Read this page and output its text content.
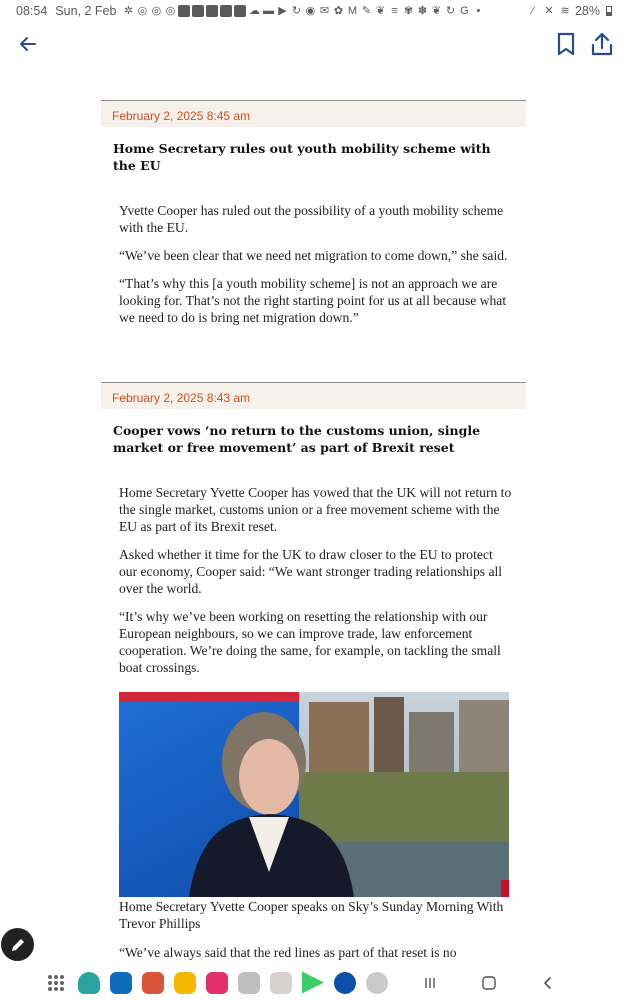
08:54 Sun, 2 Feb ✲ ◎ ◎ ◎	☁ ▬ ▶ ↻ ◉ ✉ ✿ M ✎ ❦ ≡ ✾ ✽ ❦ ↻ G •	⁄ ✕ ≋ 28%
February 2, 2025 8:45 am
Home Secretary rules out youth mobility scheme with the EU

Yvette Cooper has ruled out the possibility of a youth mobility scheme with the EU.

“We’ve been clear that we need net migration to come down,” she said.

“That’s why this [a youth mobility scheme] is not an approach we are looking for. That’s not the right starting point for us at all because what we need to do is bring net migration down.”

February 2, 2025 8:43 am
Cooper vows ‘no return to the customs union, single market or free movement’ as part of Brexit reset

Home Secretary Yvette Cooper has vowed that the UK will not return to the single market, customs union or a free movement scheme with the EU as part of its Brexit reset.

Asked whether it time for the UK to draw closer to the EU to protect our economy, Cooper said: “We want stronger trading relationships all over the world.

“It’s why we’ve been working on resetting the relationship with our European neighbours, so we can improve trade, law enforcement cooperation. We’re doing the same, for example, on tackling the small boat crossings.

Home Secretary Yvette Cooper speaks on Sky’s Sunday Morning With Trevor Phillips
“We’ve always said that the red lines as part of that reset is no
